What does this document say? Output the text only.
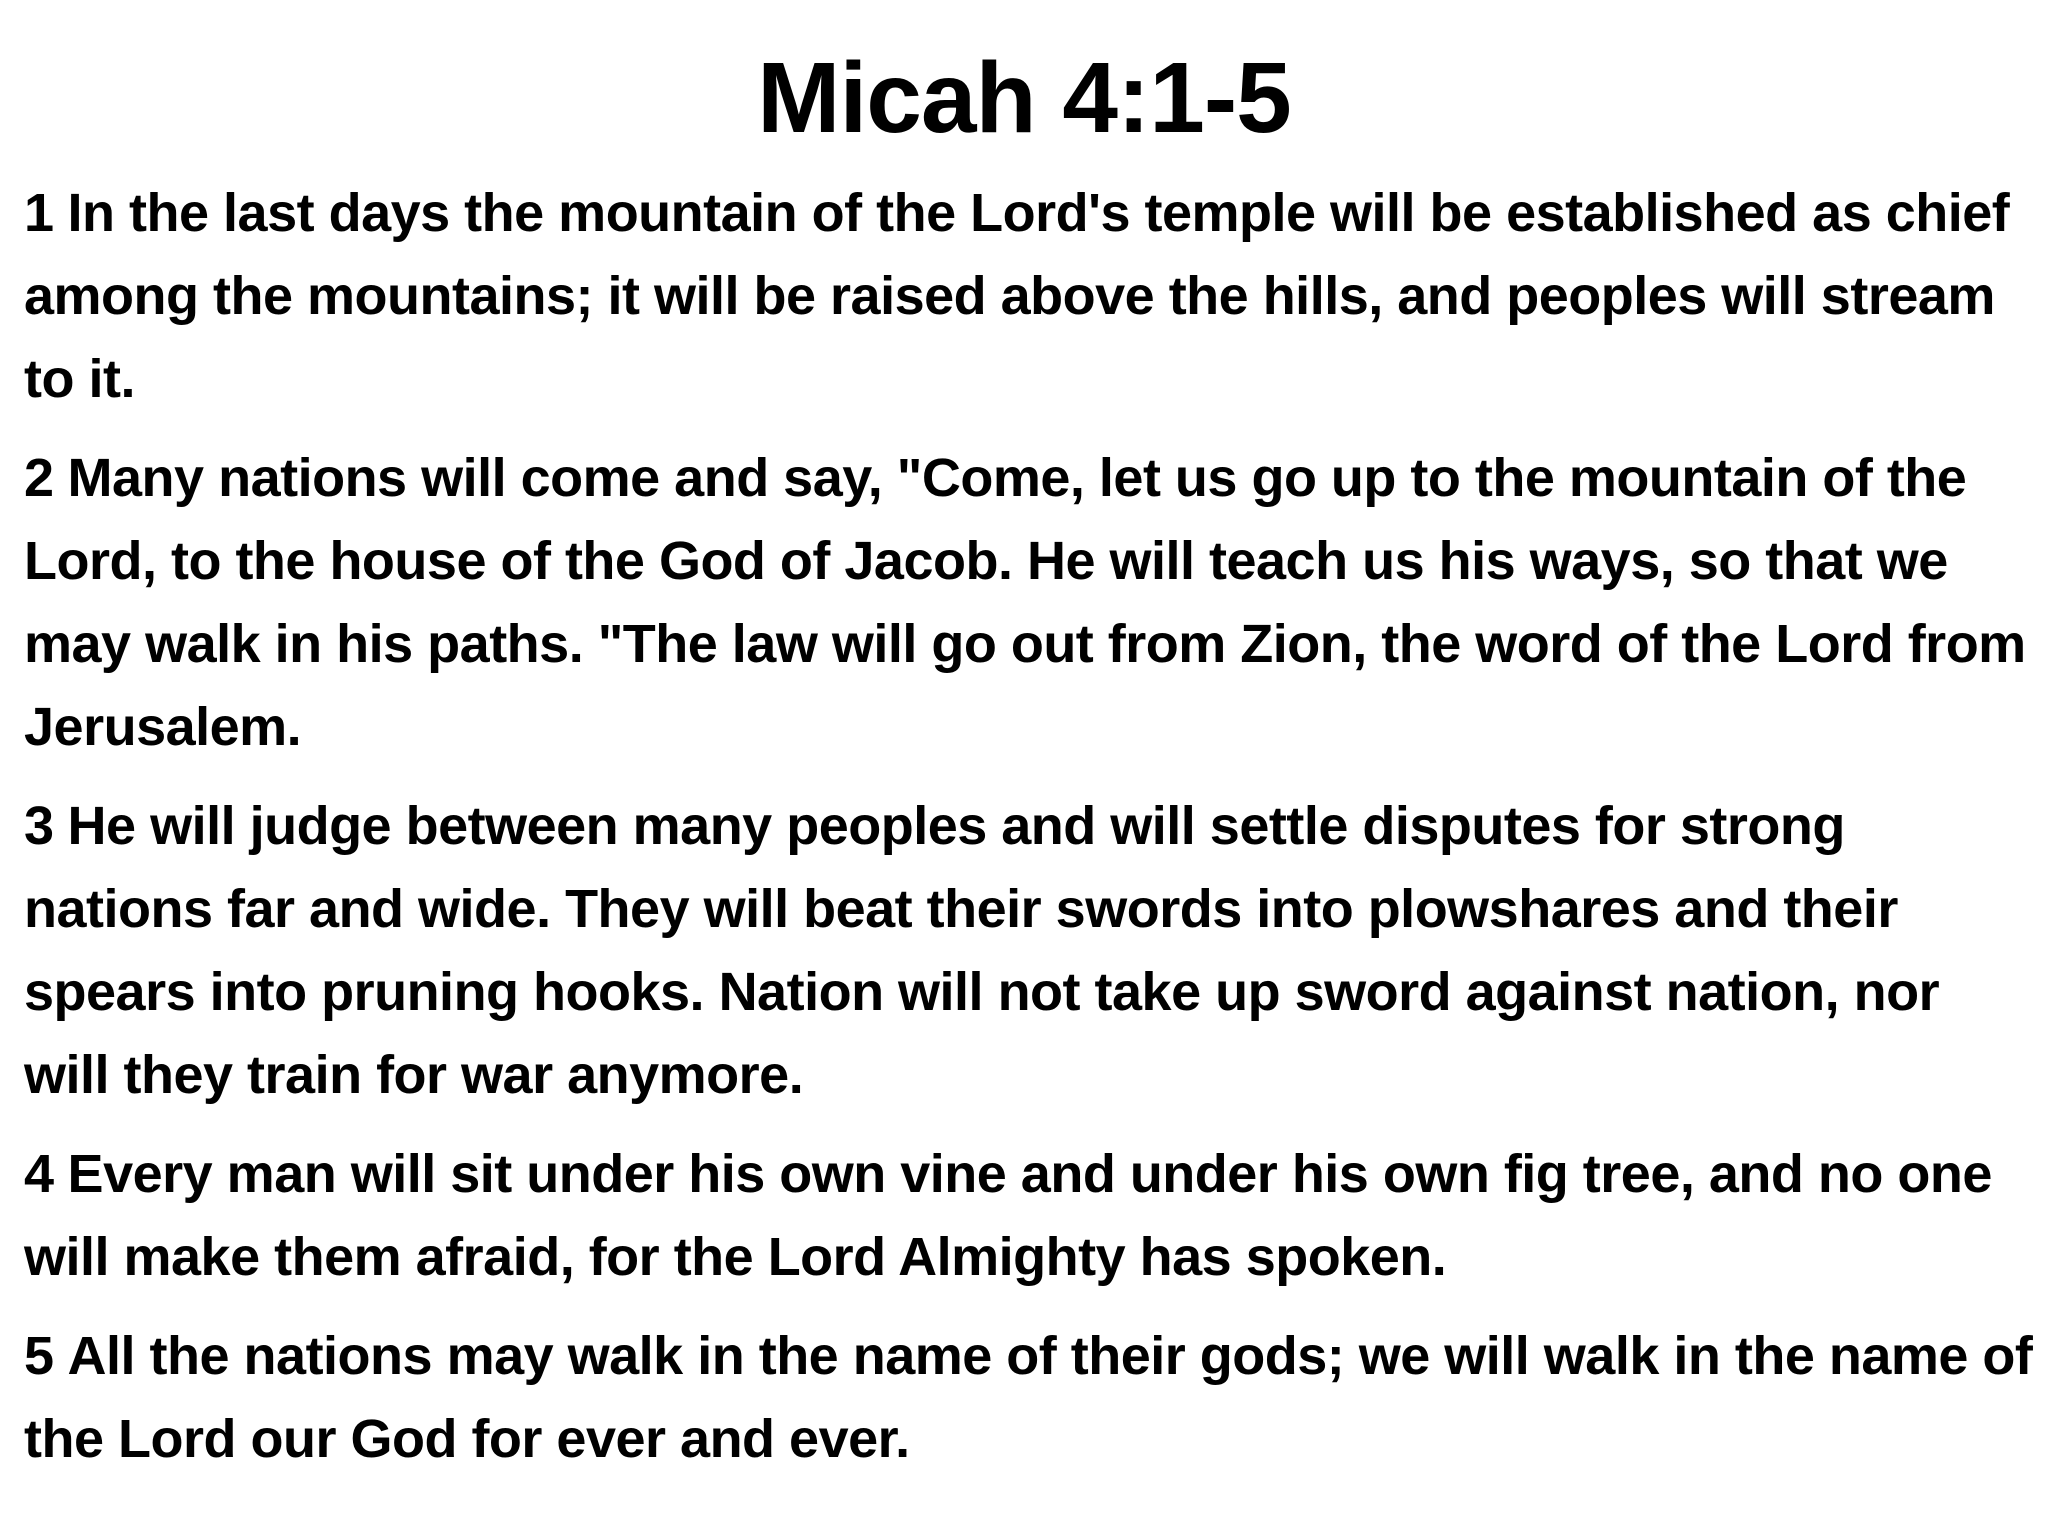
Micah 4:1-5
1 In the last days the mountain of the Lord's temple will be established as chief among the mountains; it will be raised above the hills, and peoples will stream to it.
2 Many nations will come and say, "Come, let us go up to the mountain of the Lord, to the house of the God of Jacob. He will teach us his ways, so that we may walk in his paths. "The law will go out from Zion, the word of the Lord from Jerusalem.
3 He will judge between many peoples and will settle disputes for strong nations far and wide. They will beat their swords into plowshares and their spears into pruning hooks. Nation will not take up sword against nation, nor will they train for war anymore.
4 Every man will sit under his own vine and under his own fig tree, and no one will make them afraid, for the Lord Almighty has spoken.
5 All the nations may walk in the name of their gods; we will walk in the name of the Lord our God for ever and ever.
